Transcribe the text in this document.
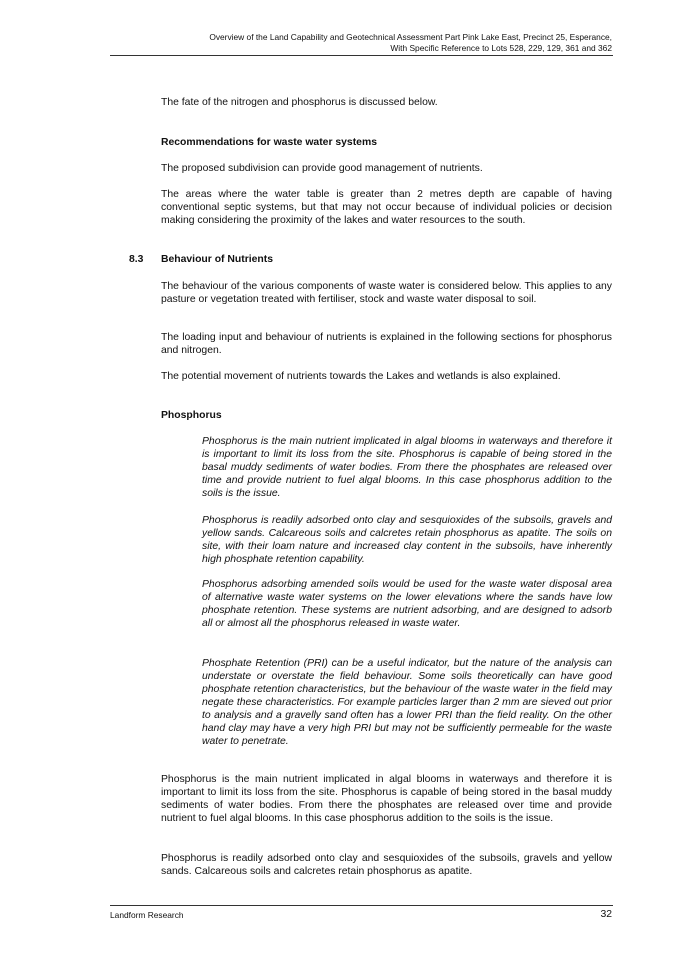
Overview of the Land Capability and Geotechnical Assessment Part Pink Lake East, Precinct 25, Esperance,
With Specific Reference to Lots 528, 229, 129, 361 and 362

The fate of the nitrogen and phosphorus is discussed below.

Recommendations for waste water systems

The proposed subdivision can provide good management of nutrients.

The areas where the water table is greater than 2 metres depth are capable of having conventional septic systems, but that may not occur because of individual policies or decision making considering the proximity of the lakes and water resources to the south.

8.3 Behaviour of Nutrients

The behaviour of the various components of waste water is considered below. This applies to any pasture or vegetation treated with fertiliser, stock and waste water disposal to soil.

The loading input and behaviour of nutrients is explained in the following sections for phosphorus and nitrogen.

The potential movement of nutrients towards the Lakes and wetlands is also explained.

Phosphorus

Phosphorus is the main nutrient implicated in algal blooms in waterways and therefore it is important to limit its loss from the site. Phosphorus is capable of being stored in the basal muddy sediments of water bodies. From there the phosphates are released over time and provide nutrient to fuel algal blooms. In this case phosphorus addition to the soils is the issue.

Phosphorus is readily adsorbed onto clay and sesquioxides of the subsoils, gravels and yellow sands. Calcareous soils and calcretes retain phosphorus as apatite. The soils on site, with their loam nature and increased clay content in the subsoils, have inherently high phosphate retention capability.

Phosphorus adsorbing amended soils would be used for the waste water disposal area of alternative waste water systems on the lower elevations where the sands have low phosphate retention. These systems are nutrient adsorbing, and are designed to adsorb all or almost all the phosphorus released in waste water.

Phosphate Retention (PRI) can be a useful indicator, but the nature of the analysis can understate or overstate the field behaviour. Some soils theoretically can have good phosphate retention characteristics, but the behaviour of the waste water in the field may negate these characteristics. For example particles larger than 2 mm are sieved out prior to analysis and a gravelly sand often has a lower PRI than the field reality. On the other hand clay may have a very high PRI but may not be sufficiently permeable for the waste water to penetrate.

Phosphorus is the main nutrient implicated in algal blooms in waterways and therefore it is important to limit its loss from the site. Phosphorus is capable of being stored in the basal muddy sediments of water bodies. From there the phosphates are released over time and provide nutrient to fuel algal blooms. In this case phosphorus addition to the soils is the issue.

Phosphorus is readily adsorbed onto clay and sesquioxides of the subsoils, gravels and yellow sands. Calcareous soils and calcretes retain phosphorus as apatite.

Landform Research	32
